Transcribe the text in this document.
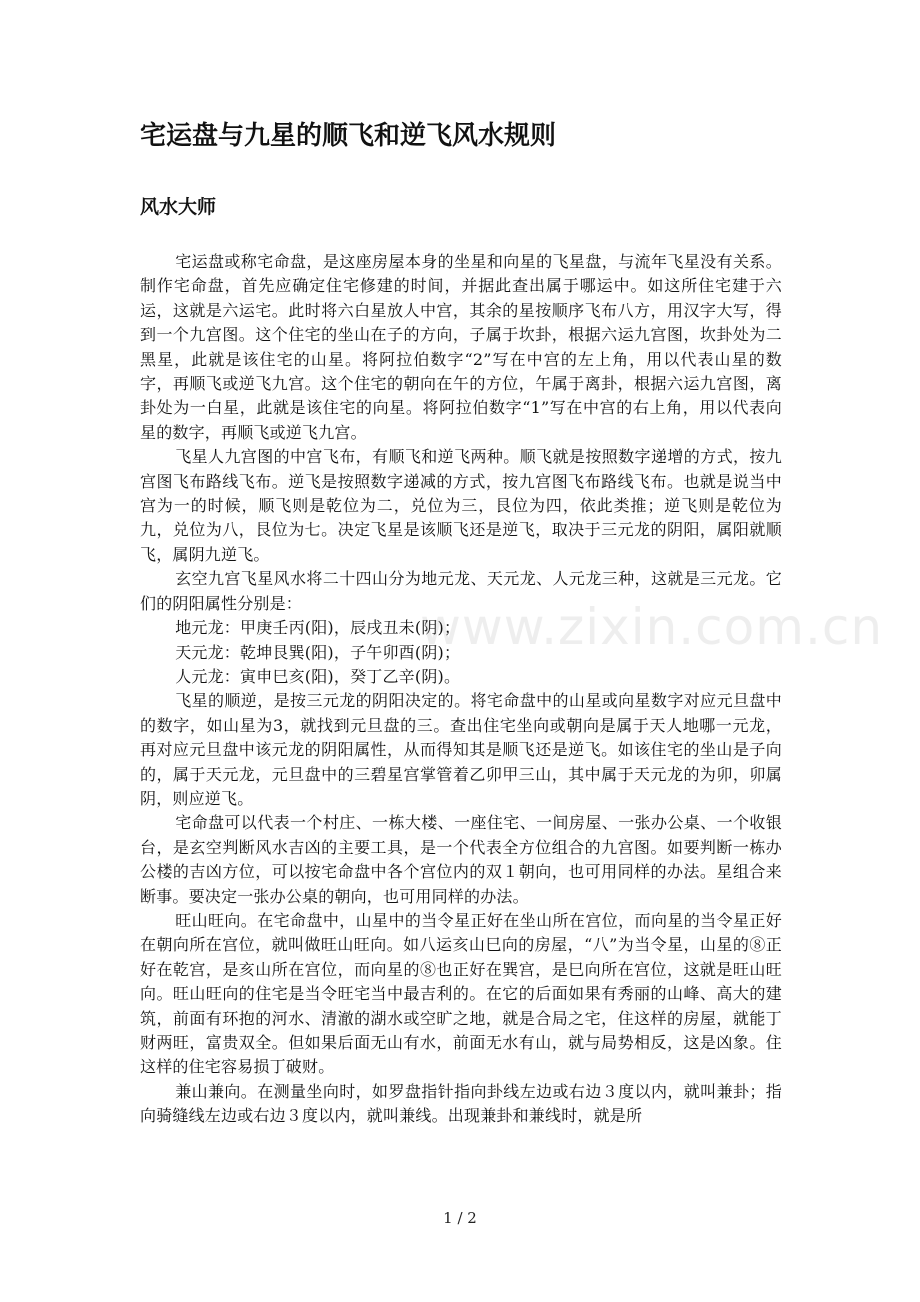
宅运盘与九星的顺飞和逆飞风水规则
风水大师

宅运盘或称宅命盘，是这座房屋本身的坐星和向星的飞星盘，与流年飞星没有关系。制作宅命盘，首先应确定住宅修建的时间，并据此查出属于哪运中。如这所住宅建于六运，这就是六运宅。此时将六白星放人中宫，其余的星按顺序飞布八方，用汉字大写，得到一个九宫图。这个住宅的坐山在子的方向，子属于坎卦，根据六运九宫图，坎卦处为二黑星，此就是该住宅的山星。将阿拉伯数字“2”写在中宫的左上角，用以代表山星的数字，再顺飞或逆飞九宫。这个住宅的朝向在午的方位，午属于离卦，根据六运九宫图，离卦处为一白星，此就是该住宅的向星。将阿拉伯数字“1”写在中宫的右上角，用以代表向星的数字，再顺飞或逆飞九宫。

飞星人九宫图的中宫飞布，有顺飞和逆飞两种。顺飞就是按照数字递增的方式，按九宫图飞布路线飞布。逆飞是按照数字递减的方式，按九宫图飞布路线飞布。也就是说当中宫为一的时候，顺飞则是乾位为二，兑位为三，艮位为四，依此类推；逆飞则是乾位为九，兑位为八，艮位为七。决定飞星是该顺飞还是逆飞，取决于三元龙的阴阳，属阳就顺飞，属阴九逆飞。

玄空九宫飞星风水将二十四山分为地元龙、天元龙、人元龙三种，这就是三元龙。它们的阴阳属性分别是：

地元龙：甲庚壬丙(阳)，辰戌丑未(阴)；

天元龙：乾坤艮巽(阳)，子午卯酉(阴)；

人元龙：寅申巳亥(阳)，癸丁乙辛(阴)。

飞星的顺逆，是按三元龙的阴阳决定的。将宅命盘中的山星或向星数字对应元旦盘中的数字，如山星为3，就找到元旦盘的三。查出住宅坐向或朝向是属于天人地哪一元龙，再对应元旦盘中该元龙的阴阳属性，从而得知其是顺飞还是逆飞。如该住宅的坐山是子向的，属于天元龙，元旦盘中的三碧星宫掌管着乙卯甲三山，其中属于天元龙的为卯，卯属阴，则应逆飞。

宅命盘可以代表一个村庄、一栋大楼、一座住宅、一间房屋、一张办公桌、一个收银台，是玄空判断风水吉凶的主要工具，是一个代表全方位组合的九宫图。如要判断一栋办公楼的吉凶方位，可以按宅命盘中各个宫位内的双１朝向，也可用同样的办法。星组合来断事。要决定一张办公桌的朝向，也可用同样的办法。

旺山旺向。在宅命盘中，山星中的当令星正好在坐山所在宫位，而向星的当令星正好在朝向所在宫位，就叫做旺山旺向。如八运亥山巳向的房屋，“八”为当令星，山星的⑧正好在乾宫，是亥山所在宫位，而向星的⑧也正好在巽宫，是巳向所在宫位，这就是旺山旺向。旺山旺向的住宅是当令旺宅当中最吉利的。在它的后面如果有秀丽的山峰、高大的建筑，前面有环抱的河水、清澈的湖水或空旷之地，就是合局之宅，住这样的房屋，就能丁财两旺，富贵双全。但如果后面无山有水，前面无水有山，就与局势相反，这是凶象。住这样的住宅容易损丁破财。

兼山兼向。在测量坐向时，如罗盘指针指向卦线左边或右边３度以内，就叫兼卦；指向骑缝线左边或右边３度以内，就叫兼线。出现兼卦和兼线时，就是所

www.zixin.com.cn
1 / 2
